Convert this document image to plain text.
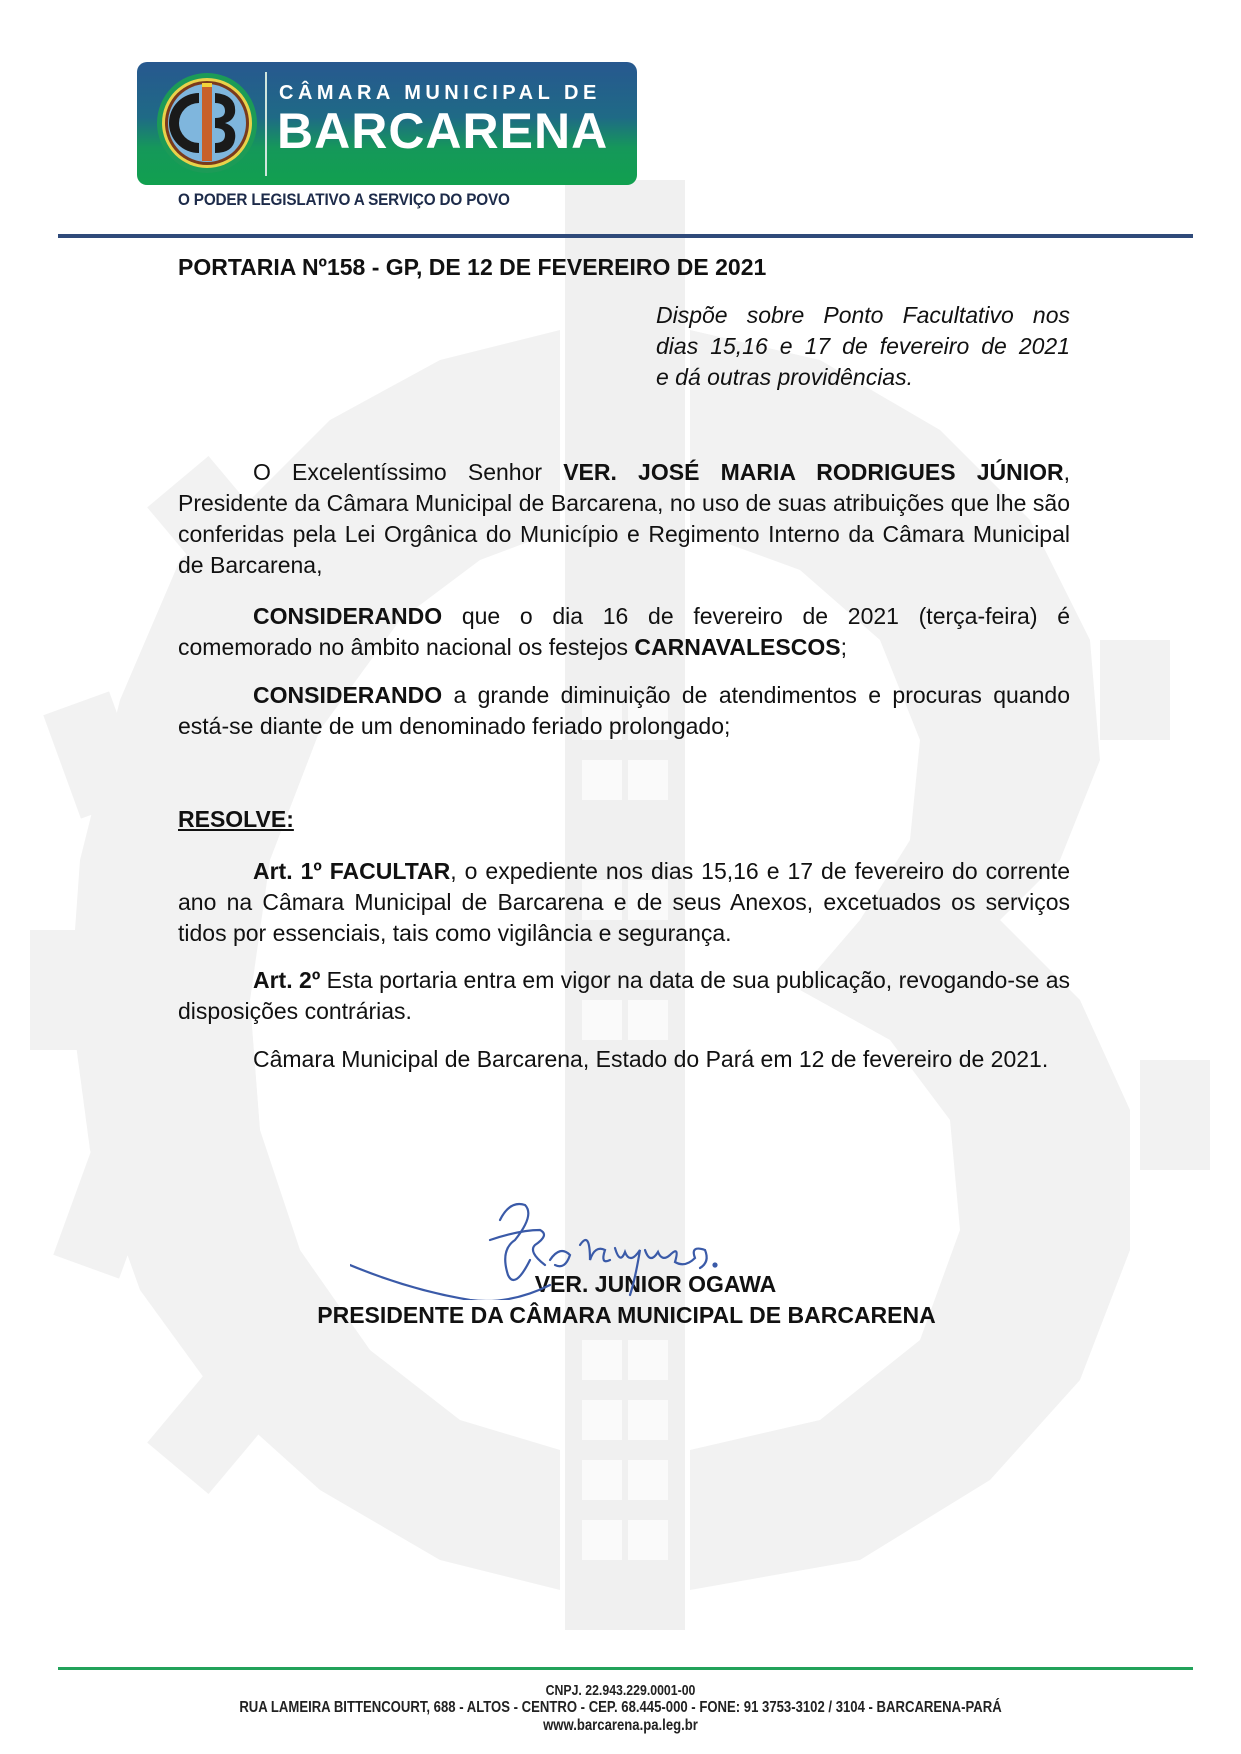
CÂMARA MUNICIPAL DE
BARCARENA
O PODER LEGISLATIVO A SERVIÇO DO POVO
PORTARIA Nº158 - GP, DE 12 DE FEVEREIRO DE 2021
Dispõe sobre Ponto Facultativo nos
dias 15,16 e 17 de fevereiro de 2021
e dá outras providências.
O Excelentíssimo Senhor VER. JOSÉ MARIA RODRIGUES JÚNIOR, Presidente da Câmara Municipal de Barcarena, no uso de suas atribuições que lhe são conferidas pela Lei Orgânica do Município e Regimento Interno da Câmara Municipal de Barcarena,
CONSIDERANDO que o dia 16 de fevereiro de 2021 (terça-feira) é comemorado no âmbito nacional os festejos CARNAVALESCOS;
CONSIDERANDO a grande diminuição de atendimentos e procuras quando está-se diante de um denominado feriado prolongado;
RESOLVE:
Art. 1º FACULTAR, o expediente nos dias 15,16 e 17 de fevereiro do corrente ano na Câmara Municipal de Barcarena e de seus Anexos, excetuados os serviços tidos por essenciais, tais como vigilância e segurança.
Art. 2º Esta portaria entra em vigor na data de sua publicação, revogando-se as disposições contrárias.
Câmara Municipal de Barcarena, Estado do Pará em 12 de fevereiro de 2021.
VER. JUNIOR OGAWA
PRESIDENTE DA CÂMARA MUNICIPAL DE BARCARENA
CNPJ. 22.943.229.0001-00
RUA LAMEIRA BITTENCOURT, 688 - ALTOS - CENTRO - CEP. 68.445-000 - FONE: 91 3753-3102 / 3104 - BARCARENA-PARÁ
www.barcarena.pa.leg.br
